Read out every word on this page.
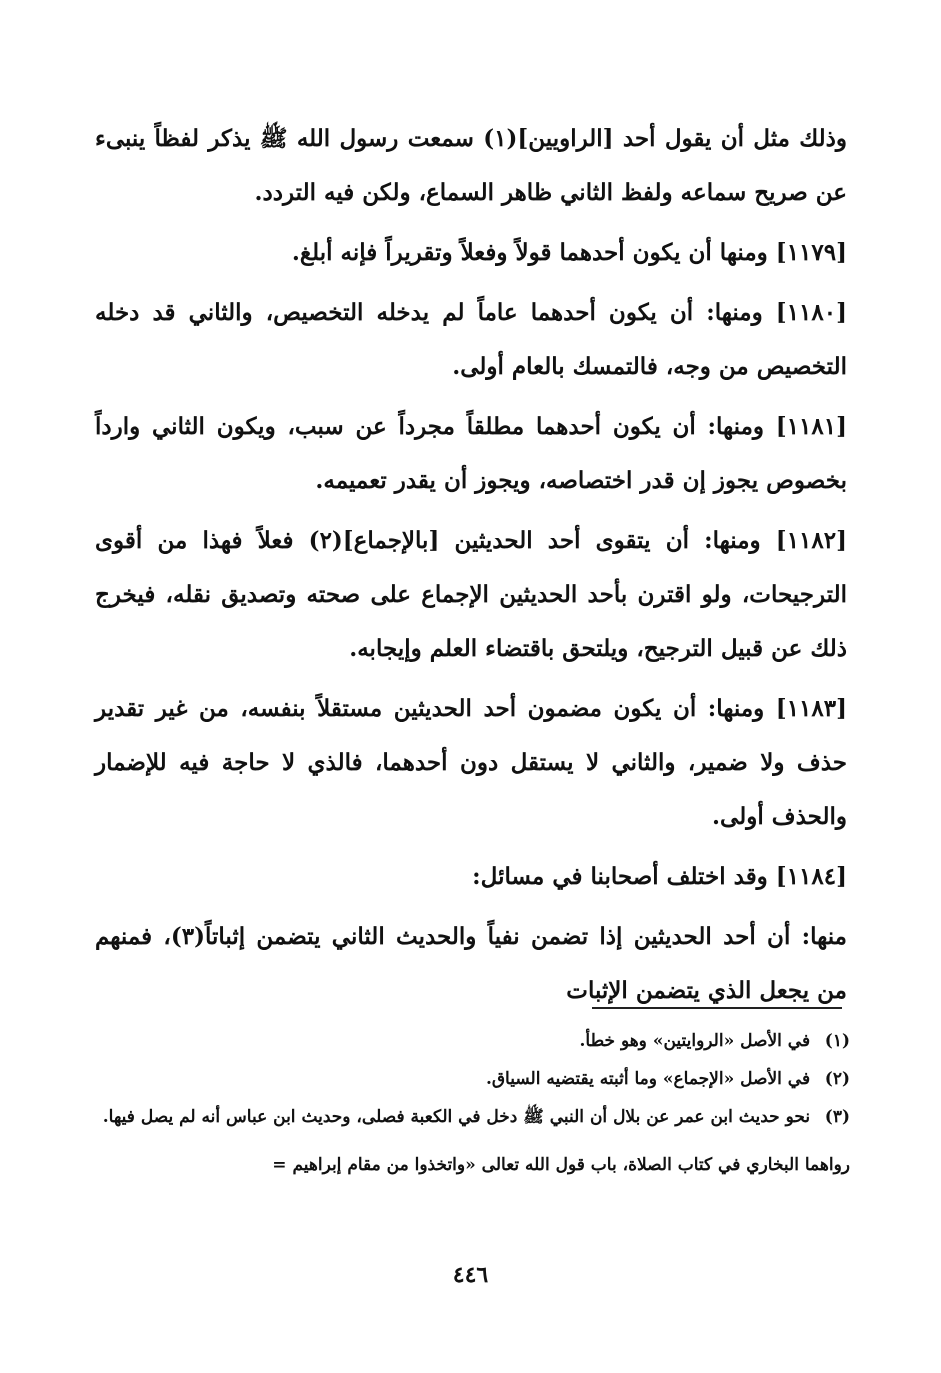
وذلك مثل أن يقول أحد [الراويين](١) سمعت رسول الله ﷺ يذكر لفظاً ينبىء عن صريح سماعه ولفظ الثاني ظاهر السماع، ولكن فيه التردد.

[١١٧٩] ومنها أن يكون أحدهما قولاً وفعلاً وتقريراً فإنه أبلغ.

[١١٨٠] ومنها: أن يكون أحدهما عاماً لم يدخله التخصيص، والثاني قد دخله التخصيص من وجه، فالتمسك بالعام أولى.

[١١٨١] ومنها: أن يكون أحدهما مطلقاً مجرداً عن سبب، ويكون الثاني وارداً بخصوص يجوز إن قدر اختصاصه، ويجوز أن يقدر تعميمه.

[١١٨٢] ومنها: أن يتقوى أحد الحديثين [بالإجماع](٢) فعلاً فهذا من أقوى الترجيحات، ولو اقترن بأحد الحديثين الإجماع على صحته وتصديق نقله، فيخرج ذلك عن قبيل الترجيح، ويلتحق باقتضاء العلم وإيجابه.

[١١٨٣] ومنها: أن يكون مضمون أحد الحديثين مستقلاً بنفسه، من غير تقدير حذف ولا ضمير، والثاني لا يستقل دون أحدهما، فالذي لا حاجة فيه للإضمار والحذف أولى.

[١١٨٤] وقد اختلف أصحابنا في مسائل:

منها: أن أحد الحديثين إذا تضمن نفياً والحديث الثاني يتضمن إثباتاً(٣)، فمنهم من يجعل الذي يتضمن الإثبات

(١) في الأصل «الروايتين» وهو خطأ.

(٢) في الأصل «الإجماع» وما أثبته يقتضيه السياق.

(٣) نحو حديث ابن عمر عن بلال أن النبي ﷺ دخل في الكعبة فصلى، وحديث ابن عباس أنه لم يصل فيها.

رواهما البخاري في كتاب الصلاة، باب قول الله تعالى «واتخذوا من مقام إبراهيم =

٤٤٦
